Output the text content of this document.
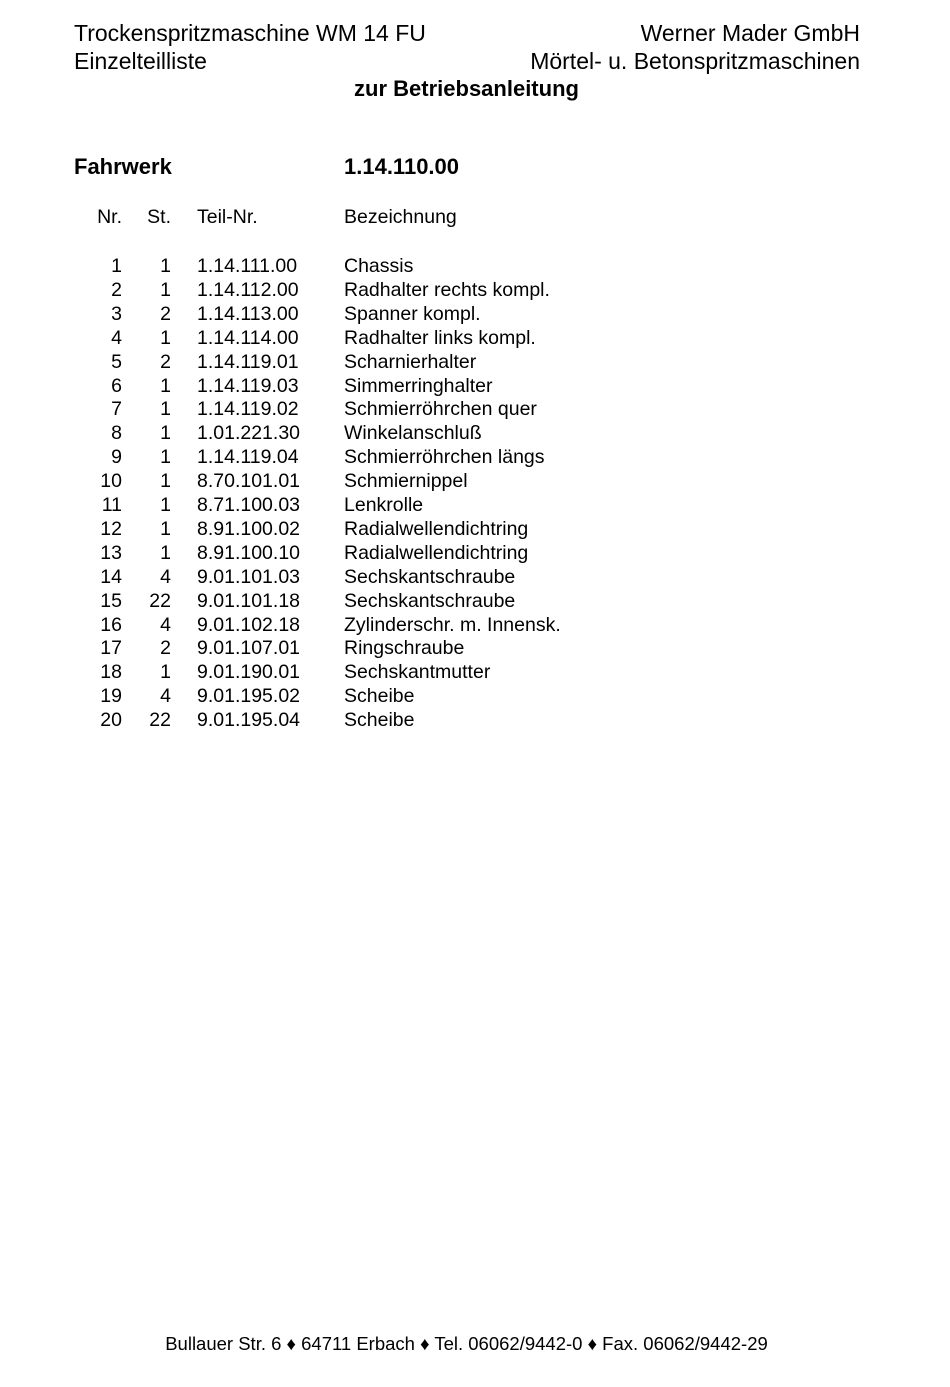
Trockenspritzmaschine WM 14 FU
Einzelteilliste
Werner Mader GmbH
Mörtel- u. Betonspritzmaschinen
zur Betriebsanleitung
Fahrwerk	1.14.110.00
Nr. St. Teil-Nr.	Bezeichnung
1 1 1.14.111.00 Chassis
2 1 1.14.112.00 Radhalter rechts kompl.
3 2 1.14.113.00 Spanner kompl.
4 1 1.14.114.00 Radhalter links kompl.
5 2 1.14.119.01 Scharnierhalter
6 1 1.14.119.03 Simmerringhalter
7 1 1.14.119.02 Schmierröhrchen quer
8 1 1.01.221.30 Winkelanschluß
9 1 1.14.119.04 Schmierröhrchen längs
10 1 8.70.101.01 Schmiernippel
11 1 8.71.100.03 Lenkrolle
12 1 8.91.100.02 Radialwellendichtring
13 1 8.91.100.10 Radialwellendichtring
14 4 9.01.101.03 Sechskantschraube
15 22 9.01.101.18 Sechskantschraube
16 4 9.01.102.18 Zylinderschr. m. Innensk.
17 2 9.01.107.01 Ringschraube
18 1 9.01.190.01 Sechskantmutter
19 4 9.01.195.02 Scheibe
20 22 9.01.195.04 Scheibe
Bullauer Str. 6 ♦ 64711 Erbach ♦ Tel. 06062/9442-0 ♦ Fax. 06062/9442-29
